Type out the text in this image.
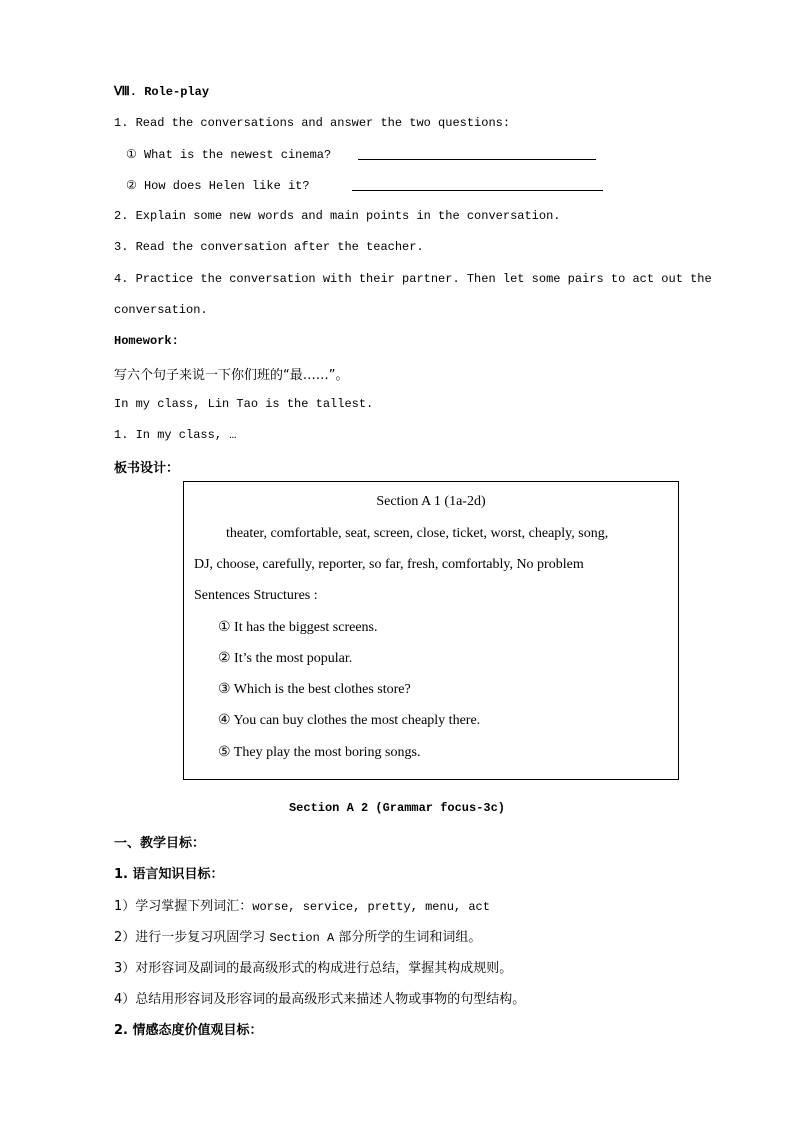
Ⅷ. Role-play
1. Read the conversations and answer the two questions:
① What is the newest cinema?
② How does Helen like it?
2. Explain some new words and main points in the conversation.
3. Read the conversation after the teacher.
4. Practice the conversation with their partner. Then let some pairs to act out the
conversation.
Homework:
写六个句子来说一下你们班的“最……”。
In my class, Lin Tao is the tallest.
1. In my class, …
板书设计：
Section A 1 (1a-2d)
theater, comfortable, seat, screen, close, ticket, worst, cheaply, song,
DJ, choose, carefully, reporter, so far, fresh, comfortably, No problem
Sentences Structures :
① It has the biggest screens.
② It’s the most popular.
③ Which is the best clothes store?
④ You can buy clothes the most cheaply there.
⑤ They play the most boring songs.
Section A 2 (Grammar focus-3c)
一、教学目标：
1. 语言知识目标：
1）学习掌握下列词汇：worse, service, pretty, menu, act
2）进行一步复习巩固学习 Section A 部分所学的生词和词组。
3）对形容词及副词的最高级形式的构成进行总结，掌握其构成规则。
4）总结用形容词及形容词的最高级形式来描述人物或事物的句型结构。
2. 情感态度价值观目标：
